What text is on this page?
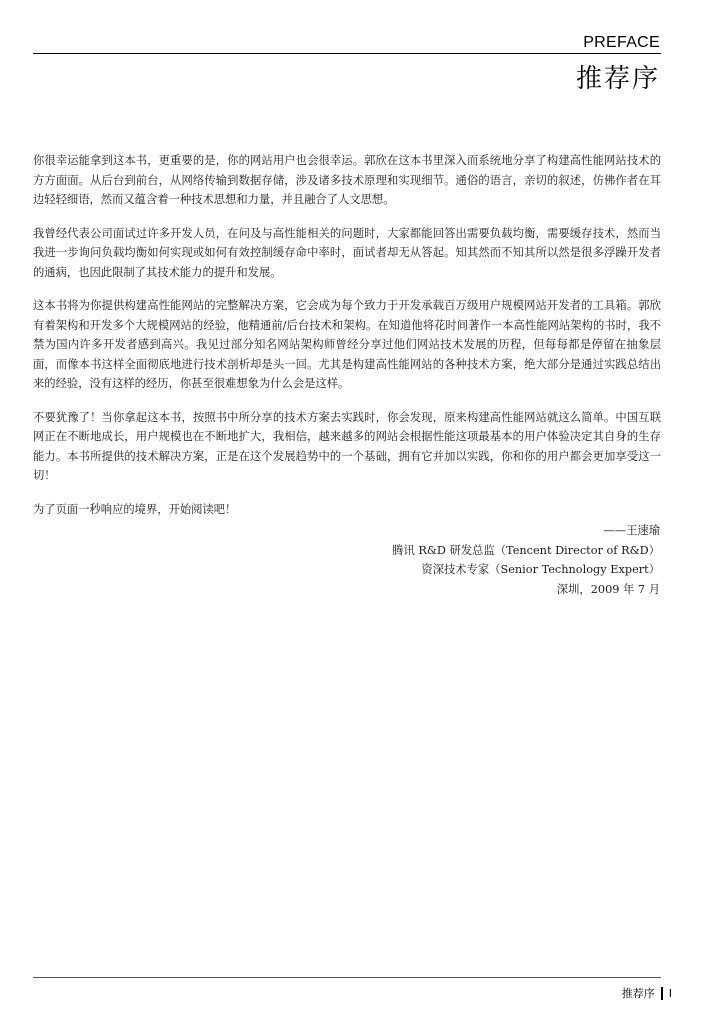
PREFACE
推荐序

你很幸运能拿到这本书，更重要的是，你的网站用户也会很幸运。郭欣在这本书里深入而系统地分享了构建高性能网站技术的方方面面。从后台到前台，从网络传输到数据存储，涉及诸多技术原理和实现细节。通俗的语言，亲切的叙述，仿佛作者在耳边轻轻细语，然而又蕴含着一种技术思想和力量，并且融合了人文思想。

我曾经代表公司面试过许多开发人员，在问及与高性能相关的问题时，大家都能回答出需要负载均衡，需要缓存技术，然而当我进一步询问负载均衡如何实现或如何有效控制缓存命中率时，面试者却无从答起。知其然而不知其所以然是很多浮躁开发者的通病，也因此限制了其技术能力的提升和发展。

这本书将为你提供构建高性能网站的完整解决方案，它会成为每个致力于开发承载百万级用户规模网站开发者的工具箱。郭欣有着架构和开发多个大规模网站的经验，他精通前/后台技术和架构。在知道他将花时间著作一本高性能网站架构的书时，我不禁为国内许多开发者感到高兴。我见过部分知名网站架构师曾经分享过他们网站技术发展的历程，但每每都是停留在抽象层面，而像本书这样全面彻底地进行技术剖析却是头一回。尤其是构建高性能网站的各种技术方案，绝大部分是通过实践总结出来的经验，没有这样的经历，你甚至很难想象为什么会是这样。

不要犹豫了！当你拿起这本书，按照书中所分享的技术方案去实践时，你会发现，原来构建高性能网站就这么简单。中国互联网正在不断地成长，用户规模也在不断地扩大，我相信，越来越多的网站会根据性能这项最基本的用户体验决定其自身的生存能力。本书所提供的技术解决方案，正是在这个发展趋势中的一个基础，拥有它并加以实践，你和你的用户都会更加享受这一切！

为了页面一秒响应的境界，开始阅读吧！

——王速瑜
腾讯 R&D 研发总监（Tencent Director of R&D）
资深技术专家（Senior Technology Expert）
深圳，2009 年 7 月
推荐序 I
